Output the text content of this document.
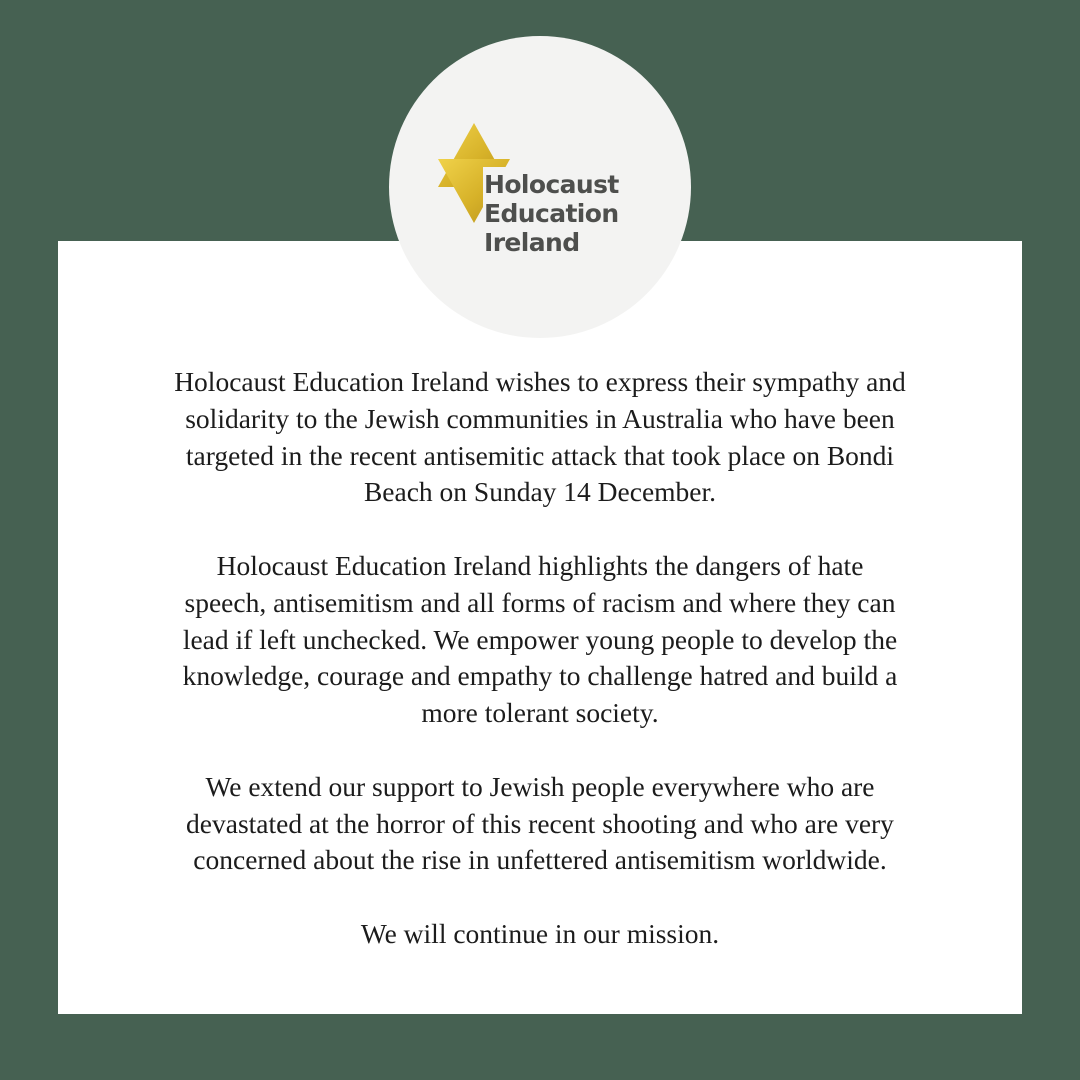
Holocaust
Education
Ireland

Holocaust Education Ireland wishes to express their sympathy and
solidarity to the Jewish communities in Australia who have been
targeted in the recent antisemitic attack that took place on Bondi
Beach on Sunday 14 December.

Holocaust Education Ireland highlights the dangers of hate
speech, antisemitism and all forms of racism and where they can
lead if left unchecked. We empower young people to develop the
knowledge, courage and empathy to challenge hatred and build a
more tolerant society.

We extend our support to Jewish people everywhere who are
devastated at the horror of this recent shooting and who are very
concerned about the rise in unfettered antisemitism worldwide.

We will continue in our mission.
